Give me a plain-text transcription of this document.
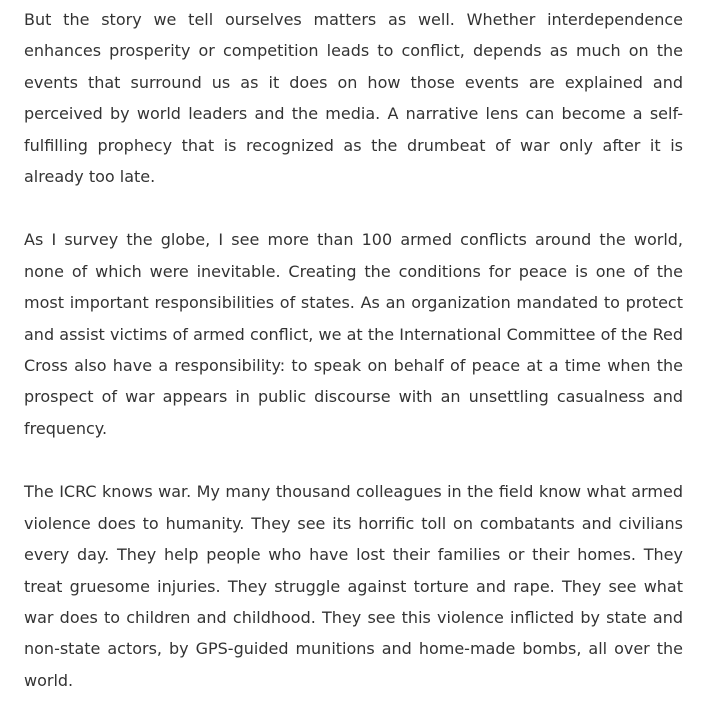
But the story we tell ourselves matters as well. Whether interdependence enhances prosperity or competition leads to conflict, depends as much on the events that surround us as it does on how those events are explained and perceived by world leaders and the media. A narrative lens can become a self-fulfilling prophecy that is recognized as the drumbeat of war only after it is already too late.

As I survey the globe, I see more than 100 armed conflicts around the world, none of which were inevitable. Creating the conditions for peace is one of the most important responsibilities of states. As an organization mandated to protect and assist victims of armed conflict, we at the International Committee of the Red Cross also have a responsibility: to speak on behalf of peace at a time when the prospect of war appears in public discourse with an unsettling casualness and frequency.

The ICRC knows war. My many thousand colleagues in the field know what armed violence does to humanity. They see its horrific toll on combatants and civilians every day. They help people who have lost their families or their homes. They treat gruesome injuries. They struggle against torture and rape. They see what war does to children and childhood. They see this violence inflicted by state and non-state actors, by GPS-guided munitions and home-made bombs, all over the world.
